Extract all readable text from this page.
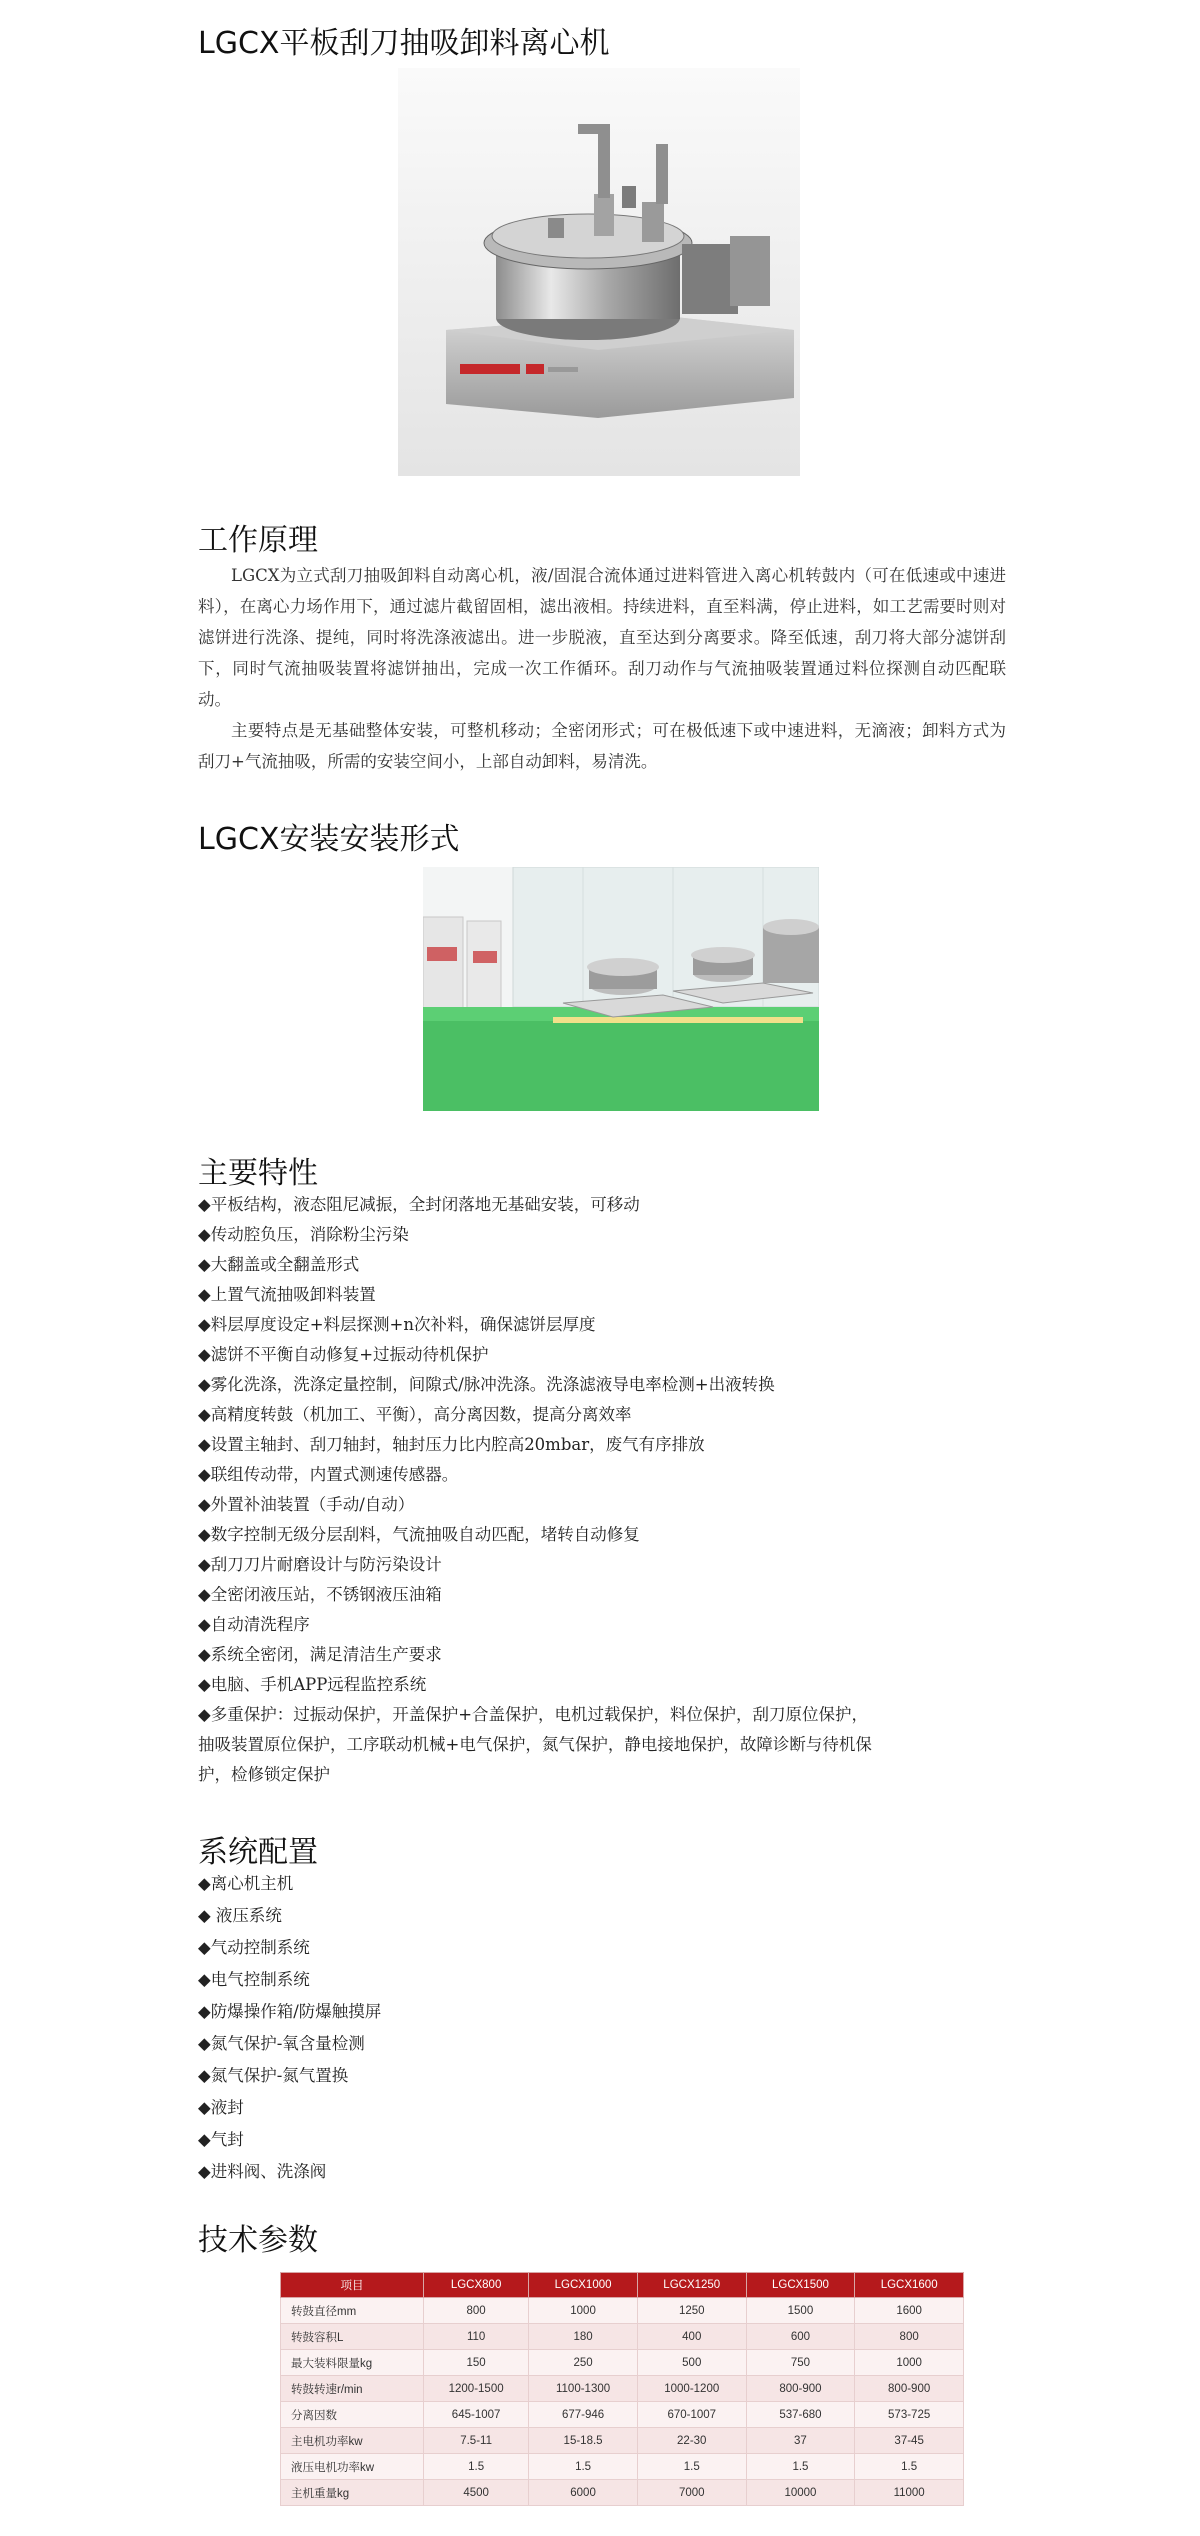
LGCX平板刮刀抽吸卸料离心机
工作原理

LGCX为立式刮刀抽吸卸料自动离心机，液/固混合流体通过进料管进入离心机转鼓内（可在低速或中速进料），在离心力场作用下，通过滤片截留固相，滤出液相。持续进料，直至料满，停止进料，如工艺需要时则对滤饼进行洗涤、提纯，同时将洗涤液滤出。进一步脱液，直至达到分离要求。降至低速，刮刀将大部分滤饼刮下，同时气流抽吸装置将滤饼抽出，完成一次工作循环。刮刀动作与气流抽吸装置通过料位探测自动匹配联动。

主要特点是无基础整体安装，可整机移动；全密闭形式；可在极低速下或中速进料，无滴液；卸料方式为刮刀+气流抽吸，所需的安装空间小，上部自动卸料，易清洗。

LGCX安装安装形式
主要特性
◆平板结构，液态阻尼减振，全封闭落地无基础安装，可移动
◆传动腔负压，消除粉尘污染
◆大翻盖或全翻盖形式
◆上置气流抽吸卸料装置
◆料层厚度设定+料层探测+n次补料，确保滤饼层厚度
◆滤饼不平衡自动修复+过振动待机保护
◆雾化洗涤，洗涤定量控制，间隙式/脉冲洗涤。洗涤滤液导电率检测+出液转换
◆高精度转鼓（机加工、平衡），高分离因数，提高分离效率
◆设置主轴封、刮刀轴封，轴封压力比内腔高20mbar，废气有序排放
◆联组传动带，内置式测速传感器。
◆外置补油装置（手动/自动）
◆数字控制无级分层刮料，气流抽吸自动匹配，堵转自动修复
◆刮刀刀片耐磨设计与防污染设计
◆全密闭液压站，不锈钢液压油箱
◆自动清洗程序
◆系统全密闭，满足清洁生产要求
◆电脑、手机APP远程监控系统
◆多重保护：过振动保护，开盖保护+合盖保护，电机过载保护，料位保护，刮刀原位保护，抽吸装置原位保护，工序联动机械+电气保护，氮气保护，静电接地保护，故障诊断与待机保护，检修锁定保护
系统配置
◆离心机主机
◆ 液压系统
◆气动控制系统
◆电气控制系统
◆防爆操作箱/防爆触摸屏
◆氮气保护-氧含量检测
◆氮气保护-氮气置换
◆液封
◆气封
◆进料阀、洗涤阀
技术参数
项目	LGCX800	LGCX1000	LGCX1250	LGCX1500	LGCX1600
转鼓直径mm	800	1000	1250	1500	1600
转鼓容积L	110	180	400	600	800
最大装料限量kg	150	250	500	750	1000
转鼓转速r/min	1200-1500	1100-1300	1000-1200	800-900	800-900
分离因数	645-1007	677-946	670-1007	537-680	573-725
主电机功率kw	7.5-11	15-18.5	22-30	37	37-45
液压电机功率kw	1.5	1.5	1.5	1.5	1.5
主机重量kg	4500	6000	7000	10000	11000
